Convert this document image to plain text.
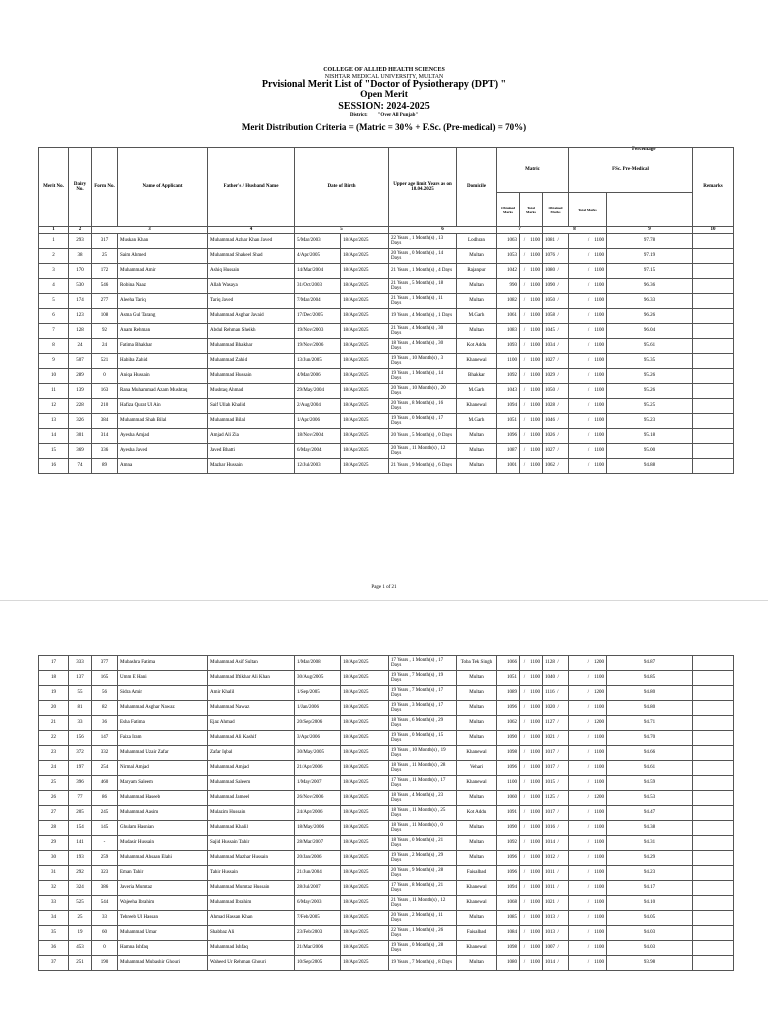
COLLEGE OF ALLIED HEALTH SCIENCES
NISHTAR MEDICAL UNIVERSITY, MULTAN
Prvisional Merit List of "Doctor of Pysiotherapy (DPT) "
Open Merit
SESSION: 2024-2025
District: "Over All Punjab"
Merit Distribution Criteria = (Matric = 30% + F.Sc. (Pre-medical) = 70%)
Percentage
Merit No.	Dairy No.	Form No.	Name of Applicant	Father's / Husband Name	Date of Birth		Upper age limit Years as on 18.04.2025	Domicile	Matric			FSc. Pre-Medical		Remarks
									Obtained Marks	Total Marks	Obtained Marks	Total Marks		
1	2	3		4	5		6		7		8		9	10
1	293	317	Muskan Khan	Muhammad Azhar Khan Javed	5/Mar/2003	18/Apr/2025	22 Years , 1 Month(s) , 13 Days	Lodhran	1063	/    1100	1081  /	/    1100	97.78	
2	38	25	Saim Ahmed	Muhammad Shakeel Shad	4/Apr/2005	18/Apr/2025	20 Years , 0 Month(s) , 14 Days	Multan	1053	/    1100	1076  /	/    1100	97.19	
3	170	172	Muhammad Amir	Ashiq Hussain	14/Mar/2004	18/Apr/2025	21 Years , 1 Month(s) , 4 Days	Rajanpur	1042	/    1100	1080  /	/    1100	97.15	
4	530	546	Robina Naaz	Allah Wasaya	31/Oct/2003	18/Apr/2025	21 Years , 5 Month(s) , 18 Days	Multan	990	/    1100	1090  /	/    1100	96.36	
5	174	277	Aleeha Tariq	Tariq Javed	7/Mar/2004	18/Apr/2025	21 Years , 1 Month(s) , 11 Days	Multan	1082	/    1100	1050  /	/    1100	96.33	
6	123	108	Asma Gul Tarang	Muhammad Asghar Javaid	17/Dec/2005	18/Apr/2025	19 Years , 4 Month(s) , 1 Days	M.Garh	1061	/    1100	1058  /	/    1100	96.26	
7	128	92	Anam Rehman	Abdul Rehman Sheikh	19/Nov/2003	18/Apr/2025	21 Years , 4 Month(s) , 30 Days	Multan	1083	/    1100	1045  /	/    1100	96.04	
8	24	24	Fatima Bhakhar	Muhammad Bhakhar	19/Nov/2006	18/Apr/2025	18 Years , 4 Month(s) , 30 Days	Kot Addu	1093	/    1100	1034  /	/    1100	95.61	
9	507	521	Habiba Zahid	Muhammad Zahid	13/Jun/2005	18/Apr/2025	19 Years , 10 Month(s) , 3 Days	Khanewal	1100	/    1100	1027  /	/    1100	95.35	
10	289	0	Aniqa Hussain	Muhammad Hussain	4/Mar/2006	18/Apr/2025	19 Years , 1 Month(s) , 14 Days	Bhakkar	1092	/    1100	1029  /	/    1100	95.26	
11	139	163	Rana Muhammad Azam Mushtaq	Mushtaq Ahmad	29/May/2004	18/Apr/2025	20 Years , 10 Month(s) , 20 Days	M.Garh	1043	/    1100	1050  /	/    1100	95.26	
12	228	210	Hafiza Qurat Ul Ain	Saif Ullah Khalid	2/Aug/2004	18/Apr/2025	20 Years , 8 Month(s) , 16 Days	Khanewal	1094	/    1100	1028  /	/    1100	95.25	
13	326	384	Muhammad Shah Bilal	Muhammad Bilal	1/Apr/2006	18/Apr/2025	19 Years , 0 Month(s) , 17 Days	M.Garh	1051	/    1100	1046  /	/    1100	95.23	
14	301	314	Ayesha Amjad	Amjad Ali Zia	18/Nov/2004	18/Apr/2025	20 Years , 5 Month(s) , 0 Days	Multan	1096	/    1100	1026  /	/    1100	95.18	
15	369	336	Ayesha Javed	Javed Bhatti	6/May/2004	18/Apr/2025	20 Years , 11 Month(s) , 12 Days	Multan	1087	/    1100	1027  /	/    1100	95.00	
16	74	89	Amna	Mazhar Hussain	12/Jul/2003	18/Apr/2025	21 Years , 9 Month(s) , 6 Days	Multan	1001	/    1100	1062  /	/    1100	94.88	
Page 1 of 21
17	333	377	Mubashra Fatima	Muhammad Asif Sultan	1/Mar/2008	18/Apr/2025	17 Years , 1 Month(s) , 17 Days	Toba Tek Singh	1066	/    1100	1128  /	/    1200	94.87	
18	137	165	Umm E Hani	Muhammad Iftikhar Ali Khan	30/Aug/2005	18/Apr/2025	19 Years , 7 Month(s) , 19 Days	Multan	1051	/    1100	1040  /	/    1100	94.85	
19	55	56	Sidra Amir	Amir Khalil	1/Sep/2005	18/Apr/2025	19 Years , 7 Month(s) , 17 Days	Multan	1089	/    1100	1116  /	/    1200	94.80	
20	81	82	Muhammad Asghar Nawaz	Muhammad Nawaz	1/Jan/2006	18/Apr/2025	19 Years , 3 Month(s) , 17 Days	Multan	1096	/    1100	1020  /	/    1100	94.80	
21	33	36	Esha Fatima	Ejaz Ahmad	20/Sep/2006	18/Apr/2025	18 Years , 6 Month(s) , 29 Days	Multan	1062	/    1100	1127  /	/    1200	94.71	
22	156	147	Faiza Iram	Muhammad Ali Kashif	3/Apr/2006	18/Apr/2025	19 Years , 0 Month(s) , 15 Days	Multan	1090	/    1100	1021  /	/    1100	94.70	
23	372	332	Muhammad Uzair Zafar	Zafar Iqbal	30/May/2005	18/Apr/2025	19 Years , 10 Month(s) , 19 Days	Khanewal	1098	/    1100	1017  /	/    1100	94.66	
24	197	254	Nirmal Amjad	Muhammad Amjad	21/Apr/2006	18/Apr/2025	18 Years , 11 Month(s) , 28 Days	Vehari	1096	/    1100	1017  /	/    1100	94.61	
25	396	460	Maryam Saleem	Muhammad Saleem	1/May/2007	18/Apr/2025	17 Years , 11 Month(s) , 17 Days	Khanewal	1100	/    1100	1015  /	/    1100	94.59	
26	77	86	Muhammad Haseeb	Muhammad Jameel	26/Nov/2006	18/Apr/2025	18 Years , 4 Month(s) , 23 Days	Multan	1060	/    1100	1125  /	/    1200	94.53	
27	205	245	Muhammad Aasim	Mulazim Hussain	24/Apr/2006	18/Apr/2025	18 Years , 11 Month(s) , 25 Days	Kot Addu	1091	/    1100	1017  /	/    1100	94.47	
28	154	145	Ghulam Hasnian	Muhammad Khalil	18/May/2006	18/Apr/2025	18 Years , 11 Month(s) , 0 Days	Multan	1090	/    1100	1016  /	/    1100	94.38	
29	141	-	Mudasir Hussain	Sajid Hussain Tahir	28/Mar/2007	18/Apr/2025	18 Years , 0 Month(s) , 21 Days	Multan	1092	/    1100	1014  /	/    1100	94.31	
30	193	259	Muhammad Ahsaan Elahi	Muhammad Mazhar Hussain	20/Jan/2006	18/Apr/2025	19 Years , 2 Month(s) , 29 Days	Multan	1096	/    1100	1012  /	/    1100	94.29	
31	292	323	Eman Tahir	Tahir Hussain	21/Jun/2004	18/Apr/2025	20 Years , 9 Month(s) , 28 Days	Faisalbad	1096	/    1100	1011  /	/    1100	94.23	
32	324	386	Javeria Mumtaz	Muhammad Mumtaz Hussain	28/Jul/2007	18/Apr/2025	17 Years , 8 Month(s) , 21 Days	Khanewal	1094	/    1100	1011  /	/    1100	94.17	
33	525	544	Wajeeha Ibrahim	Muhammad Ibrahim	6/May/2003	18/Apr/2025	21 Years , 11 Month(s) , 12 Days	Khanewal	1068	/    1100	1021  /	/    1100	94.10	
34	25	33	Tehreeb Ul Hassan	Ahmad Hassan Khan	7/Feb/2005	18/Apr/2025	20 Years , 2 Month(s) , 11 Days	Multan	1085	/    1100	1013  /	/    1100	94.05	
35	19	60	Muhammad Umar	Shabbaz Ali	23/Feb/2003	18/Apr/2025	22 Years , 1 Month(s) , 26 Days	Faisalbad	1084	/    1100	1013  /	/    1100	94.03	
36	453	0	Hamna Ishfaq	Muhammad Ishfaq	21/Mar/2006	18/Apr/2025	19 Years , 0 Month(s) , 28 Days	Khanewal	1098	/    1100	1007  /	/    1100	94.03	
37	251	190	Muhammad Mubashir Ghouri	Waheed Ur Rehman Ghouri	10/Sep/2005	18/Apr/2025	19 Years , 7 Month(s) , 8 Days	Multan	1080	/    1100	1014  /	/    1100	93.98	
